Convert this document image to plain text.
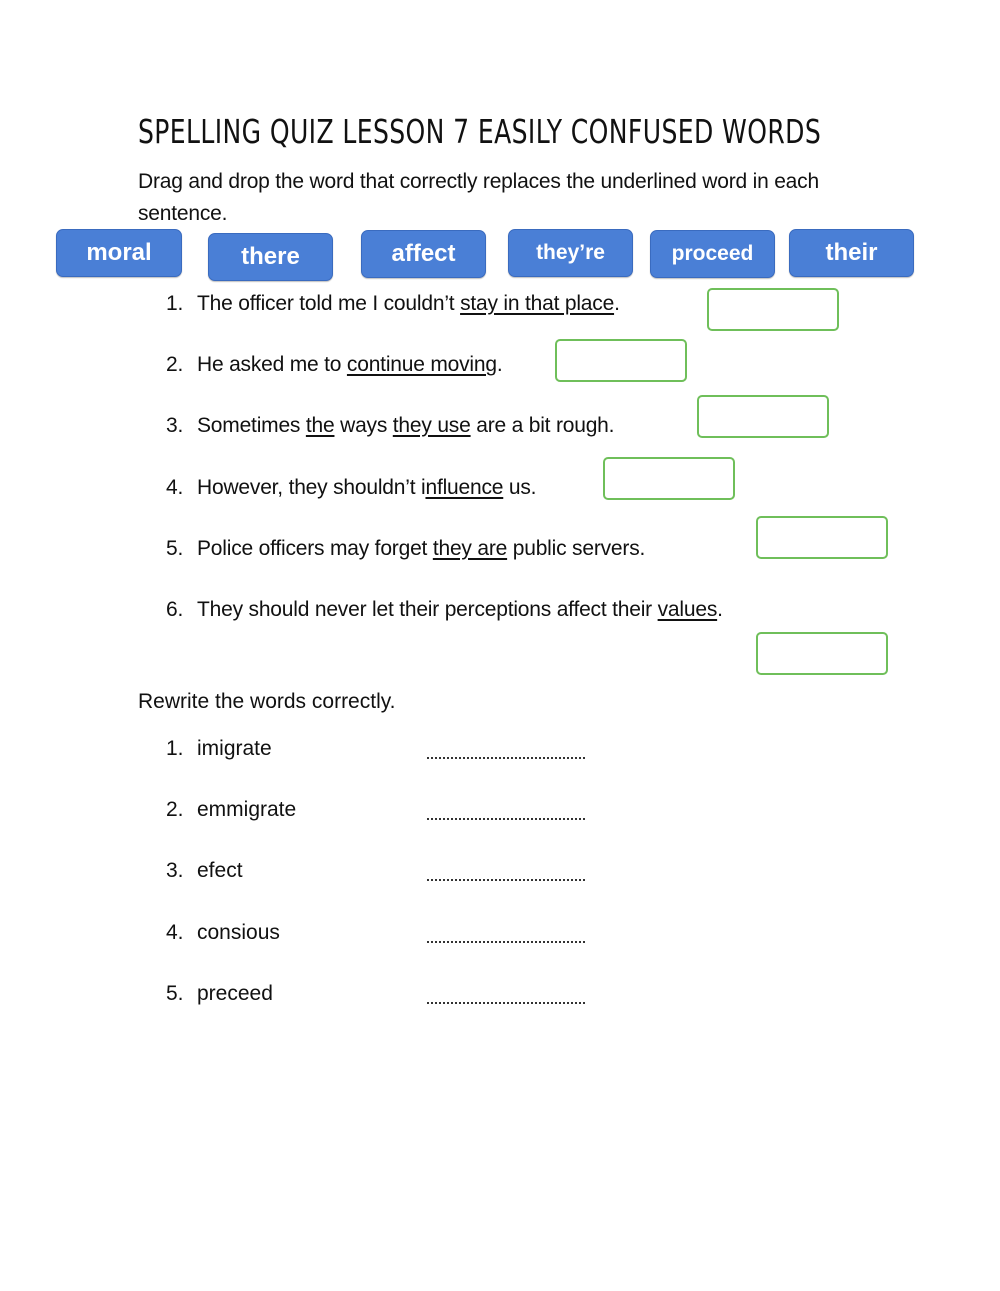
SPELLING QUIZ LESSON 7 EASILY CONFUSED WORDS
Drag and drop the word that correctly replaces the underlined word in each sentence.
moral	there	affect	they’re	proceed	their
1. The officer told me I couldn’t stay in that place.
2. He asked me to continue moving.
3. Sometimes the ways they use are a bit rough.
4. However, they shouldn’t influence us.
5. Police officers may forget they are public servers.
6. They should never let their perceptions affect their values.
Rewrite the words correctly.
1. imigrate
2. emmigrate
3. efect
4. consious
5. preceed
